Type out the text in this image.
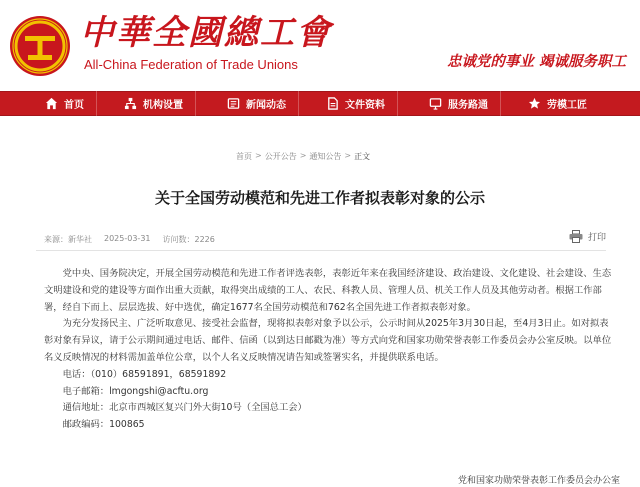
中華全國總工會
All-China Federation of Trade Unions	忠诚党的事业 竭诚服务职工
首页	机构设置	新闻动态	文件资料	服务路通	劳模工匠
首页 > 公开公告 > 通知公告 > 正文
关于全国劳动模范和先进工作者拟表彰对象的公示
来源：新华社 2025-03-31 访问数：2226	打印

党中央、国务院决定，开展全国劳动模范和先进工作者评选表彰，表彰近年来在我国经济建设、政治建设、文化建设、社会建设、生态文明建设和党的建设等方面作出重大贡献，取得突出成绩的工人、农民、科教人员、管理人员、机关工作人员及其他劳动者。根据工作部署，经自下而上、层层选拔、好中选优，确定1677名全国劳动模范和762名全国先进工作者拟表彰对象。

为充分发扬民主、广泛听取意见、接受社会监督，现将拟表彰对象予以公示，公示时间从2025年3月30日起，至4月3日止。如对拟表彰对象有异议，请于公示期间通过电话、邮件、信函（以到达日邮戳为准）等方式向党和国家功勋荣誉表彰工作委员会办公室反映。以单位名义反映情况的材料需加盖单位公章，以个人名义反映情况请告知或签署实名，并提供联系电话。

电话：（010）68591891，68591892

电子邮箱：lmgongshi@acftu.org

通信地址：北京市西城区复兴门外大街10号（全国总工会）

邮政编码：100865

党和国家功勋荣誉表彰工作委员会办公室
